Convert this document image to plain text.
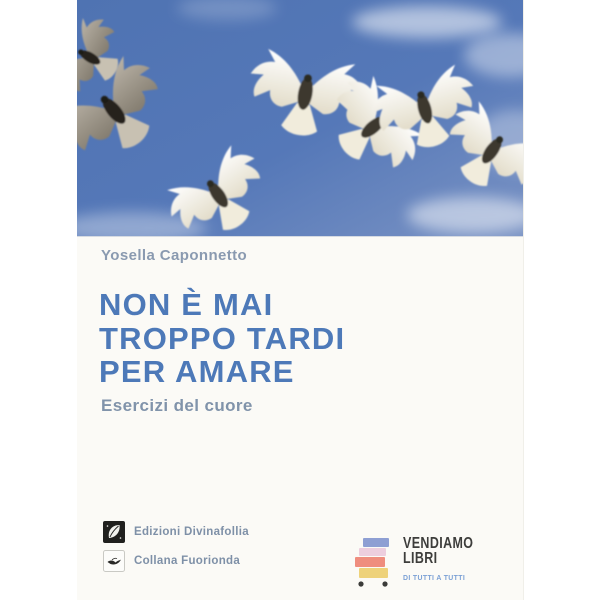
Yosella Caponnetto
NON È MAI
TROPPO TARDI
PER AMARE
Esercizi del cuore
Edizioni Divinafollia
Collana Fuorionda
VENDIAMO
LIBRI
DI TUTTI A TUTTI
